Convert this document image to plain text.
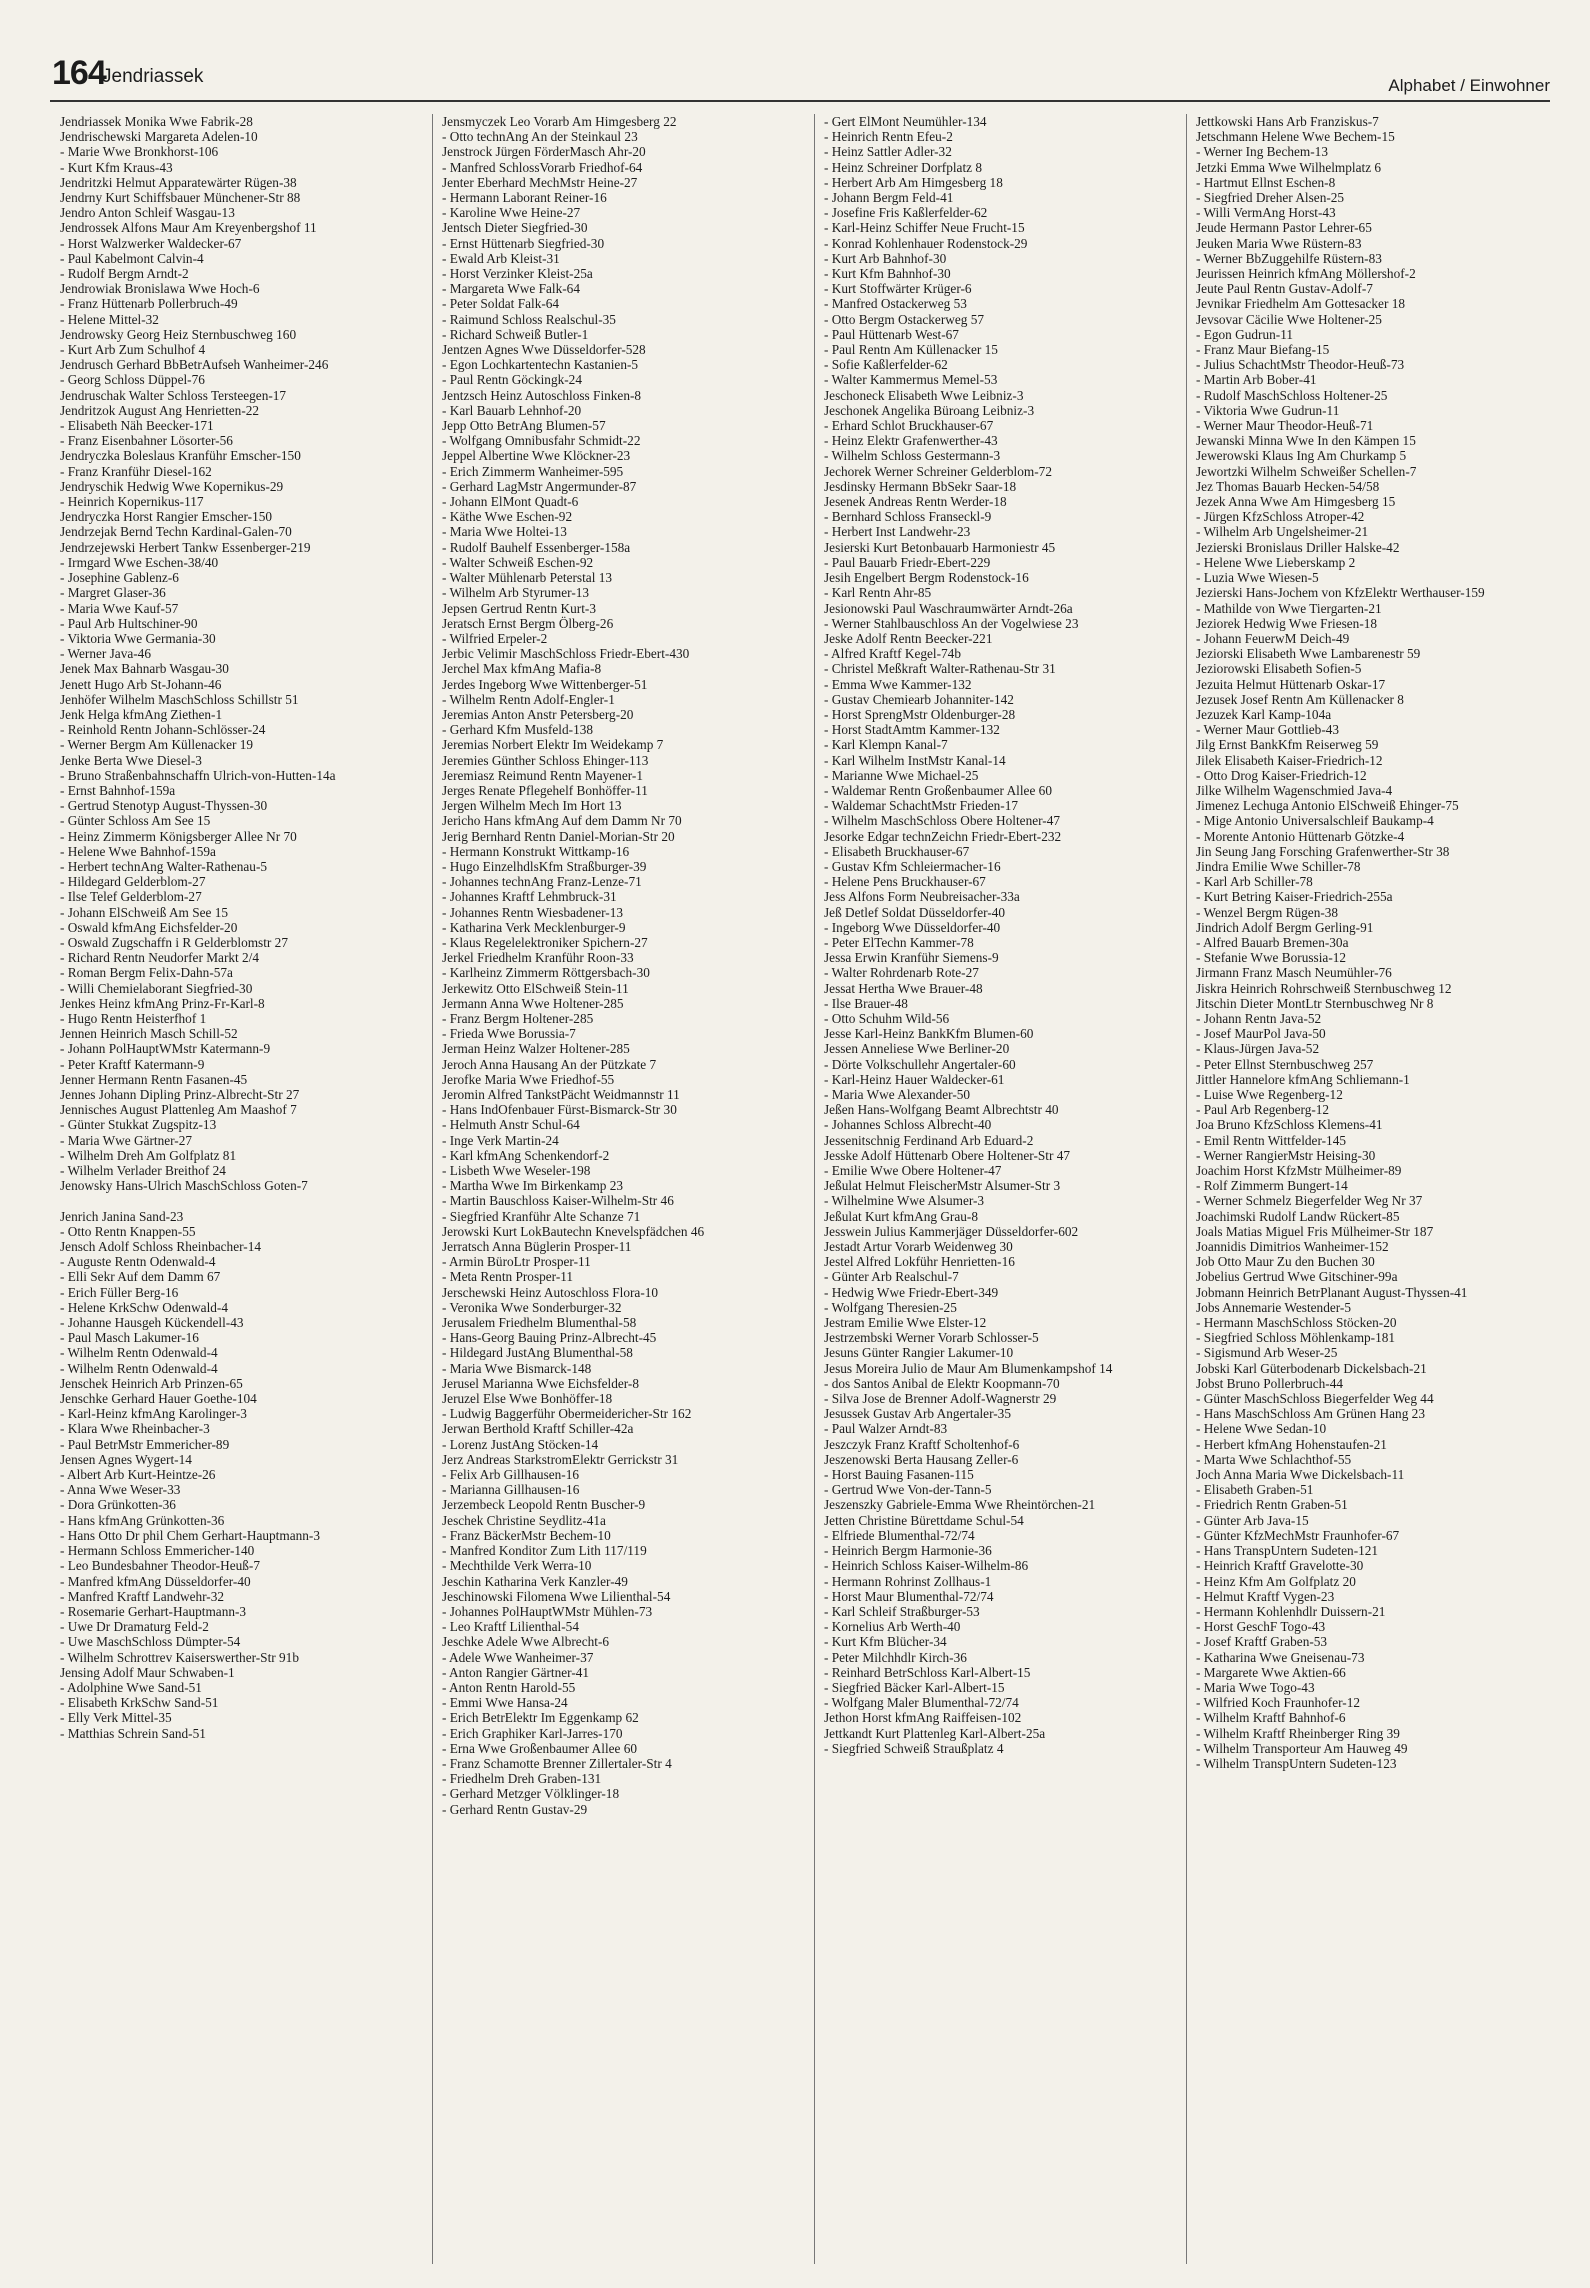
164
Jendriassek	Alphabet / Einwohner
Jendriassek Monika Wwe Fabrik-28
Jendrischewski Margareta Adelen-10
- Marie Wwe Bronkhorst-106
- Kurt Kfm Kraus-43
Jendritzki Helmut Apparatewärter Rügen-38
Jendrny Kurt Schiffsbauer Münchener-Str 88
Jendro Anton Schleif Wasgau-13
Jendrossek Alfons Maur Am Kreyenbergshof 11
- Horst Walzwerker Waldecker-67
- Paul Kabelmont Calvin-4
- Rudolf Bergm Arndt-2
Jendrowiak Bronislawa Wwe Hoch-6
- Franz Hüttenarb Pollerbruch-49
- Helene Mittel-32
Jendrowsky Georg Heiz Sternbuschweg 160
- Kurt Arb Zum Schulhof 4
Jendrusch Gerhard BbBetrAufseh Wanheimer-246
- Georg Schloss Düppel-76
Jendruschak Walter Schloss Tersteegen-17
Jendritzok August Ang Henrietten-22
- Elisabeth Näh Beecker-171
- Franz Eisenbahner Lösorter-56
Jendryczka Boleslaus Kranführ Emscher-150
- Franz Kranführ Diesel-162
Jendryschik Hedwig Wwe Kopernikus-29
- Heinrich Kopernikus-117
Jendryczka Horst Rangier Emscher-150
Jendrzejak Bernd Techn Kardinal-Galen-70
Jendrzejewski Herbert Tankw Essenberger-219
- Irmgard Wwe Eschen-38/40
- Josephine Gablenz-6
- Margret Glaser-36
- Maria Wwe Kauf-57
- Paul Arb Hultschiner-90
- Viktoria Wwe Germania-30
- Werner Java-46
Jenek Max Bahnarb Wasgau-30
Jenett Hugo Arb St-Johann-46
Jenhöfer Wilhelm MaschSchloss Schillstr 51
Jenk Helga kfmAng Ziethen-1
- Reinhold Rentn Johann-Schlösser-24
- Werner Bergm Am Küllenacker 19
Jenke Berta Wwe Diesel-3
- Bruno Straßenbahnschaffn Ulrich-von-Hutten-14a
- Ernst Bahnhof-159a
- Gertrud Stenotyp August-Thyssen-30
- Günter Schloss Am See 15
- Heinz Zimmerm Königsberger Allee Nr 70
- Helene Wwe Bahnhof-159a
- Herbert technAng Walter-Rathenau-5
- Hildegard Gelderblom-27
- Ilse Telef Gelderblom-27
- Johann ElSchweiß Am See 15
- Oswald kfmAng Eichsfelder-20
- Oswald Zugschaffn i R Gelderblomstr 27
- Richard Rentn Neudorfer Markt 2/4
- Roman Bergm Felix-Dahn-57a
- Willi Chemielaborant Siegfried-30
Jenkes Heinz kfmAng Prinz-Fr-Karl-8
- Hugo Rentn Heisterfhof 1
Jennen Heinrich Masch Schill-52
- Johann PolHauptWMstr Katermann-9
- Peter Kraftf Katermann-9
Jenner Hermann Rentn Fasanen-45
Jennes Johann Dipling Prinz-Albrecht-Str 27
Jennisches August Plattenleg Am Maashof 7
- Günter Stukkat Zugspitz-13
- Maria Wwe Gärtner-27
- Wilhelm Dreh Am Golfplatz 81
- Wilhelm Verlader Breithof 24
Jenowsky Hans-Ulrich MaschSchloss Goten-7

Jenrich Janina Sand-23
- Otto Rentn Knappen-55
Jensch Adolf Schloss Rheinbacher-14
- Auguste Rentn Odenwald-4
- Elli Sekr Auf dem Damm 67
- Erich Füller Berg-16
- Helene KrkSchw Odenwald-4
- Johanne Hausgeh Kückendell-43
- Paul Masch Lakumer-16
- Wilhelm Rentn Odenwald-4
- Wilhelm Rentn Odenwald-4
Jenschek Heinrich Arb Prinzen-65
Jenschke Gerhard Hauer Goethe-104
- Karl-Heinz kfmAng Karolinger-3
- Klara Wwe Rheinbacher-3
- Paul BetrMstr Emmericher-89
Jensen Agnes Wygert-14
- Albert Arb Kurt-Heintze-26
- Anna Wwe Weser-33
- Dora Grünkotten-36
- Hans kfmAng Grünkotten-36
- Hans Otto Dr phil Chem Gerhart-Hauptmann-3
- Hermann Schloss Emmericher-140
- Leo Bundesbahner Theodor-Heuß-7
- Manfred kfmAng Düsseldorfer-40
- Manfred Kraftf Landwehr-32
- Rosemarie Gerhart-Hauptmann-3
- Uwe Dr Dramaturg Feld-2
- Uwe MaschSchloss Dümpter-54
- Wilhelm Schrottrev Kaiserswerther-Str 91b
Jensing Adolf Maur Schwaben-1
- Adolphine Wwe Sand-51
- Elisabeth KrkSchw Sand-51
- Elly Verk Mittel-35
- Matthias Schrein Sand-51
Jensmyczek Leo Vorarb Am Himgesberg 22
- Otto technAng An der Steinkaul 23
Jenstrock Jürgen FörderMasch Ahr-20
- Manfred SchlossVorarb Friedhof-64
Jenter Eberhard MechMstr Heine-27
- Hermann Laborant Reiner-16
- Karoline Wwe Heine-27
Jentsch Dieter Siegfried-30
- Ernst Hüttenarb Siegfried-30
- Ewald Arb Kleist-31
- Horst Verzinker Kleist-25a
- Margareta Wwe Falk-64
- Peter Soldat Falk-64
- Raimund Schloss Realschul-35
- Richard Schweiß Butler-1
Jentzen Agnes Wwe Düsseldorfer-528
- Egon Lochkartentechn Kastanien-5
- Paul Rentn Göckingk-24
Jentzsch Heinz Autoschloss Finken-8
- Karl Bauarb Lehnhof-20
Jepp Otto BetrAng Blumen-57
- Wolfgang Omnibusfahr Schmidt-22
Jeppel Albertine Wwe Klöckner-23
- Erich Zimmerm Wanheimer-595
- Gerhard LagMstr Angermunder-87
- Johann ElMont Quadt-6
- Käthe Wwe Eschen-92
- Maria Wwe Holtei-13
- Rudolf Bauhelf Essenberger-158a
- Walter Schweiß Eschen-92
- Walter Mühlenarb Peterstal 13
- Wilhelm Arb Styrumer-13
Jepsen Gertrud Rentn Kurt-3
Jeratsch Ernst Bergm Ölberg-26
- Wilfried Erpeler-2
Jerbic Velimir MaschSchloss Friedr-Ebert-430
Jerchel Max kfmAng Mafia-8
Jerdes Ingeborg Wwe Wittenberger-51
- Wilhelm Rentn Adolf-Engler-1
Jeremias Anton Anstr Petersberg-20
- Gerhard Kfm Musfeld-138
Jeremias Norbert Elektr Im Weidekamp 7
Jeremies Günther Schloss Ehinger-113
Jeremiasz Reimund Rentn Mayener-1
Jerges Renate Pflegehelf Bonhöffer-11
Jergen Wilhelm Mech Im Hort 13
Jericho Hans kfmAng Auf dem Damm Nr 70
Jerig Bernhard Rentn Daniel-Morian-Str 20
- Hermann Konstrukt Wittkamp-16
- Hugo EinzelhdlsKfm Straßburger-39
- Johannes technAng Franz-Lenze-71
- Johannes Kraftf Lehmbruck-31
- Johannes Rentn Wiesbadener-13
- Katharina Verk Mecklenburger-9
- Klaus Regelelektroniker Spichern-27
Jerkel Friedhelm Kranführ Roon-33
- Karlheinz Zimmerm Röttgersbach-30
Jerkewitz Otto ElSchweiß Stein-11
Jermann Anna Wwe Holtener-285
- Franz Bergm Holtener-285
- Frieda Wwe Borussia-7
Jerman Heinz Walzer Holtener-285
Jeroch Anna Hausang An der Pützkate 7
Jerofke Maria Wwe Friedhof-55
Jeromin Alfred TankstPächt Weidmannstr 11
- Hans IndOfenbauer Fürst-Bismarck-Str 30
- Helmuth Anstr Schul-64
- Inge Verk Martin-24
- Karl kfmAng Schenkendorf-2
- Lisbeth Wwe Weseler-198
- Martha Wwe Im Birkenkamp 23
- Martin Bauschloss Kaiser-Wilhelm-Str 46
- Siegfried Kranführ Alte Schanze 71
Jerowski Kurt LokBautechn Knevelspfädchen 46
Jerratsch Anna Büglerin Prosper-11
- Armin BüroLtr Prosper-11
- Meta Rentn Prosper-11
Jerschewski Heinz Autoschloss Flora-10
- Veronika Wwe Sonderburger-32
Jerusalem Friedhelm Blumenthal-58
- Hans-Georg Bauing Prinz-Albrecht-45
- Hildegard JustAng Blumenthal-58
- Maria Wwe Bismarck-148
Jerusel Marianna Wwe Eichsfelder-8
Jeruzel Else Wwe Bonhöffer-18
- Ludwig Baggerführ Obermeidericher-Str 162
Jerwan Berthold Kraftf Schiller-42a
- Lorenz JustAng Stöcken-14
Jerz Andreas StarkstromElektr Gerrickstr 31
- Felix Arb Gillhausen-16
- Marianna Gillhausen-16
Jerzembeck Leopold Rentn Buscher-9
Jeschek Christine Seydlitz-41a
- Franz BäckerMstr Bechem-10
- Manfred Konditor Zum Lith 117/119
- Mechthilde Verk Werra-10
Jeschin Katharina Verk Kanzler-49
Jeschinowski Filomena Wwe Lilienthal-54
- Johannes PolHauptWMstr Mühlen-73
- Leo Kraftf Lilienthal-54
Jeschke Adele Wwe Albrecht-6
- Adele Wwe Wanheimer-37
- Anton Rangier Gärtner-41
- Anton Rentn Harold-55
- Emmi Wwe Hansa-24
- Erich BetrElektr Im Eggenkamp 62
- Erich Graphiker Karl-Jarres-170
- Erna Wwe Großenbaumer Allee 60
- Franz Schamotte Brenner Zillertaler-Str 4
- Friedhelm Dreh Graben-131
- Gerhard Metzger Völklinger-18
- Gerhard Rentn Gustav-29
- Gert ElMont Neumühler-134
- Heinrich Rentn Efeu-2
- Heinz Sattler Adler-32
- Heinz Schreiner Dorfplatz 8
- Herbert Arb Am Himgesberg 18
- Johann Bergm Feld-41
- Josefine Fris Kaßlerfelder-62
- Karl-Heinz Schiffer Neue Frucht-15
- Konrad Kohlenhauer Rodenstock-29
- Kurt Arb Bahnhof-30
- Kurt Kfm Bahnhof-30
- Kurt Stoffwärter Krüger-6
- Manfred Ostackerweg 53
- Otto Bergm Ostackerweg 57
- Paul Hüttenarb West-67
- Paul Rentn Am Küllenacker 15
- Sofie Kaßlerfelder-62
- Walter Kammermus Memel-53
Jeschoneck Elisabeth Wwe Leibniz-3
Jeschonek Angelika Büroang Leibniz-3
- Erhard Schlot Bruckhauser-67
- Heinz Elektr Grafenwerther-43
- Wilhelm Schloss Gestermann-3
Jechorek Werner Schreiner Gelderblom-72
Jesdinsky Hermann BbSekr Saar-18
Jesenek Andreas Rentn Werder-18
- Bernhard Schloss Franseckl-9
- Herbert Inst Landwehr-23
Jesierski Kurt Betonbauarb Harmoniestr 45
- Paul Bauarb Friedr-Ebert-229
Jesih Engelbert Bergm Rodenstock-16
- Karl Rentn Ahr-85
Jesionowski Paul Waschraumwärter Arndt-26a
- Werner Stahlbauschloss An der Vogelwiese 23
Jeske Adolf Rentn Beecker-221
- Alfred Kraftf Kegel-74b
- Christel Meßkraft Walter-Rathenau-Str 31
- Emma Wwe Kammer-132
- Gustav Chemiearb Johanniter-142
- Horst SprengMstr Oldenburger-28
- Horst StadtAmtm Kammer-132
- Karl Klempn Kanal-7
- Karl Wilhelm InstMstr Kanal-14
- Marianne Wwe Michael-25
- Waldemar Rentn Großenbaumer Allee 60
- Waldemar SchachtMstr Frieden-17
- Wilhelm MaschSchloss Obere Holtener-47
Jesorke Edgar technZeichn Friedr-Ebert-232
- Elisabeth Bruckhauser-67
- Gustav Kfm Schleiermacher-16
- Helene Pens Bruckhauser-67
Jess Alfons Form Neubreisacher-33a
Jeß Detlef Soldat Düsseldorfer-40
- Ingeborg Wwe Düsseldorfer-40
- Peter ElTechn Kammer-78
Jessa Erwin Kranführ Siemens-9
- Walter Rohrdenarb Rote-27
Jessat Hertha Wwe Brauer-48
- Ilse Brauer-48
- Otto Schuhm Wild-56
Jesse Karl-Heinz BankKfm Blumen-60
Jessen Anneliese Wwe Berliner-20
- Dörte Volkschullehr Angertaler-60
- Karl-Heinz Hauer Waldecker-61
- Maria Wwe Alexander-50
Jeßen Hans-Wolfgang Beamt Albrechtstr 40
- Johannes Schloss Albrecht-40
Jessenitschnig Ferdinand Arb Eduard-2
Jesske Adolf Hüttenarb Obere Holtener-Str 47
- Emilie Wwe Obere Holtener-47
Jeßulat Helmut FleischerMstr Alsumer-Str 3
- Wilhelmine Wwe Alsumer-3
Jeßulat Kurt kfmAng Grau-8
Jesswein Julius Kammerjäger Düsseldorfer-602
Jestadt Artur Vorarb Weidenweg 30
Jestel Alfred Lokführ Henrietten-16
- Günter Arb Realschul-7
- Hedwig Wwe Friedr-Ebert-349
- Wolfgang Theresien-25
Jestram Emilie Wwe Elster-12
Jestrzembski Werner Vorarb Schlosser-5
Jesuns Günter Rangier Lakumer-10
Jesus Moreira Julio de Maur Am Blumenkampshof 14
- dos Santos Anibal de Elektr Koopmann-70
- Silva Jose de Brenner Adolf-Wagnerstr 29
Jesussek Gustav Arb Angertaler-35
- Paul Walzer Arndt-83
Jeszczyk Franz Kraftf Scholtenhof-6
Jeszenowski Berta Hausang Zeller-6
- Horst Bauing Fasanen-115
- Gertrud Wwe Von-der-Tann-5
Jeszenszky Gabriele-Emma Wwe Rheintörchen-21
Jetten Christine Bürettdame Schul-54
- Elfriede Blumenthal-72/74
- Heinrich Bergm Harmonie-36
- Heinrich Schloss Kaiser-Wilhelm-86
- Hermann Rohrinst Zollhaus-1
- Horst Maur Blumenthal-72/74
- Karl Schleif Straßburger-53
- Kornelius Arb Werth-40
- Kurt Kfm Blücher-34
- Peter Milchhdlr Kirch-36
- Reinhard BetrSchloss Karl-Albert-15
- Siegfried Bäcker Karl-Albert-15
- Wolfgang Maler Blumenthal-72/74
Jethon Horst kfmAng Raiffeisen-102
Jettkandt Kurt Plattenleg Karl-Albert-25a
- Siegfried Schweiß Straußplatz 4
Jettkowski Hans Arb Franziskus-7
Jetschmann Helene Wwe Bechem-15
- Werner Ing Bechem-13
Jetzki Emma Wwe Wilhelmplatz 6
- Hartmut Ellnst Eschen-8
- Siegfried Dreher Alsen-25
- Willi VermAng Horst-43
Jeude Hermann Pastor Lehrer-65
Jeuken Maria Wwe Rüstern-83
- Werner BbZuggehilfe Rüstern-83
Jeurissen Heinrich kfmAng Möllershof-2
Jeute Paul Rentn Gustav-Adolf-7
Jevnikar Friedhelm Am Gottesacker 18
Jevsovar Cäcilie Wwe Holtener-25
- Egon Gudrun-11
- Franz Maur Biefang-15
- Julius SchachtMstr Theodor-Heuß-73
- Martin Arb Bober-41
- Rudolf MaschSchloss Holtener-25
- Viktoria Wwe Gudrun-11
- Werner Maur Theodor-Heuß-71
Jewanski Minna Wwe In den Kämpen 15
Jewerowski Klaus Ing Am Churkamp 5
Jewortzki Wilhelm Schweißer Schellen-7
Jez Thomas Bauarb Hecken-54/58
Jezek Anna Wwe Am Himgesberg 15
- Jürgen KfzSchloss Atroper-42
- Wilhelm Arb Ungelsheimer-21
Jezierski Bronislaus Driller Halske-42
- Helene Wwe Lieberskamp 2
- Luzia Wwe Wiesen-5
Jezierski Hans-Jochem von KfzElektr Werthauser-159
- Mathilde von Wwe Tiergarten-21
Jeziorek Hedwig Wwe Friesen-18
- Johann FeuerwM Deich-49
Jeziorski Elisabeth Wwe Lambarenestr 59
Jeziorowski Elisabeth Sofien-5
Jezuita Helmut Hüttenarb Oskar-17
Jezusek Josef Rentn Am Küllenacker 8
Jezuzek Karl Kamp-104a
- Werner Maur Gottlieb-43
Jilg Ernst BankKfm Reiserweg 59
Jilek Elisabeth Kaiser-Friedrich-12
- Otto Drog Kaiser-Friedrich-12
Jilke Wilhelm Wagenschmied Java-4
Jimenez Lechuga Antonio ElSchweiß Ehinger-75
- Mige Antonio Universalschleif Baukamp-4
- Morente Antonio Hüttenarb Götzke-4
Jin Seung Jang Forsching Grafenwerther-Str 38
Jindra Emilie Wwe Schiller-78
- Karl Arb Schiller-78
- Kurt Betring Kaiser-Friedrich-255a
- Wenzel Bergm Rügen-38
Jindrich Adolf Bergm Gerling-91
- Alfred Bauarb Bremen-30a
- Stefanie Wwe Borussia-12
Jirmann Franz Masch Neumühler-76
Jiskra Heinrich Rohrschweiß Sternbuschweg 12
Jitschin Dieter MontLtr Sternbuschweg Nr 8
- Johann Rentn Java-52
- Josef MaurPol Java-50
- Klaus-Jürgen Java-52
- Peter Ellnst Sternbuschweg 257
Jittler Hannelore kfmAng Schliemann-1
- Luise Wwe Regenberg-12
- Paul Arb Regenberg-12
Joa Bruno KfzSchloss Klemens-41
- Emil Rentn Wittfelder-145
- Werner RangierMstr Heising-30
Joachim Horst KfzMstr Mülheimer-89
- Rolf Zimmerm Bungert-14
- Werner Schmelz Biegerfelder Weg Nr 37
Joachimski Rudolf Landw Rückert-85
Joals Matias Miguel Fris Mülheimer-Str 187
Joannidis Dimitrios Wanheimer-152
Job Otto Maur Zu den Buchen 30
Jobelius Gertrud Wwe Gitschiner-99a
Jobmann Heinrich BetrPlanant August-Thyssen-41
Jobs Annemarie Westender-5
- Hermann MaschSchloss Stöcken-20
- Siegfried Schloss Möhlenkamp-181
- Sigismund Arb Weser-25
Jobski Karl Güterbodenarb Dickelsbach-21
Jobst Bruno Pollerbruch-44
- Günter MaschSchloss Biegerfelder Weg 44
- Hans MaschSchloss Am Grünen Hang 23
- Helene Wwe Sedan-10
- Herbert kfmAng Hohenstaufen-21
- Marta Wwe Schlachthof-55
Joch Anna Maria Wwe Dickelsbach-11
- Elisabeth Graben-51
- Friedrich Rentn Graben-51
- Günter Arb Java-15
- Günter KfzMechMstr Fraunhofer-67
- Hans TranspUntern Sudeten-121
- Heinrich Kraftf Gravelotte-30
- Heinz Kfm Am Golfplatz 20
- Helmut Kraftf Vygen-23
- Hermann Kohlenhdlr Duissern-21
- Horst GeschF Togo-43
- Josef Kraftf Graben-53
- Katharina Wwe Gneisenau-73
- Margarete Wwe Aktien-66
- Maria Wwe Togo-43
- Wilfried Koch Fraunhofer-12
- Wilhelm Kraftf Bahnhof-6
- Wilhelm Kraftf Rheinberger Ring 39
- Wilhelm Transporteur Am Hauweg 49
- Wilhelm TranspUntern Sudeten-123
